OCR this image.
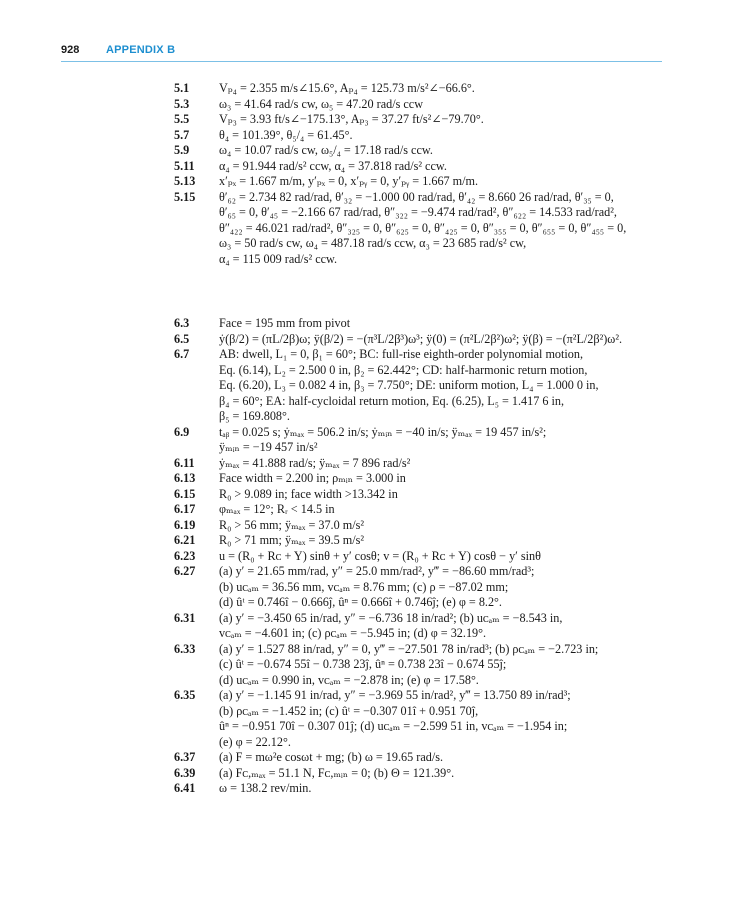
928 APPENDIX B
5.1	Vₚ₄ = 2.355 m/s∠15.6°, Aₚ₄ = 125.73 m/s²∠−66.6°.
5.3	ω₃ = 41.64 rad/s cw, ω₅ = 47.20 rad/s ccw
5.5	Vₚ₃ = 3.93 ft/s∠−175.13°, Aₚ₃ = 37.27 ft/s²∠−79.70°.
5.7	θ₄ = 101.39°, θ₅/₄ = 61.45°.
5.9	ω₄ = 10.07 rad/s cw, ω₅/₄ = 17.18 rad/s ccw.
5.11	α₄ = 91.944 rad/s² ccw, α₄ = 37.818 rad/s² ccw.
5.13	x′ₚₓ = 1.667 m/m, y′ₚₓ = 0, x′ₚᵧ = 0, y′ₚᵧ = 1.667 m/m.
5.15	θ′₆₂ = 2.734 82 rad/rad, θ′₃₂ = −1.000 00 rad/rad, θ′₄₂ = 8.660 26 rad/rad, θ′₃₅ = 0,
θ′₆₅ = 0, θ′₄₅ = −2.166 67 rad/rad, θ″₃₂₂ = −9.474 rad/rad², θ″₆₂₂ = 14.533 rad/rad²,
θ″₄₂₂ = 46.021 rad/rad², θ″₃₂₅ = 0, θ″₆₂₅ = 0, θ″₄₂₅ = 0, θ″₃₅₅ = 0, θ″₆₅₅ = 0, θ″₄₅₅ = 0,
ω₃ = 50 rad/s cw, ω₄ = 487.18 rad/s ccw, α₃ = 23 685 rad/s² cw,
α₄ = 115 009 rad/s² ccw.
6.3	Face = 195 mm from pivot
6.5	ẏ(β/2) = (πL/2β)ω; ÿ(β/2) = −(π³L/2β³)ω³; ÿ(0) = (π²L/2β²)ω²; ÿ(β) = −(π²L/2β²)ω².
6.7	AB: dwell, L₁ = 0, β₁ = 60°; BC: full-rise eighth-order polynomial motion,
Eq. (6.14), L₂ = 2.500 0 in, β₂ = 62.442°; CD: half-harmonic return motion,
Eq. (6.20), L₃ = 0.082 4 in, β₃ = 7.750°; DE: uniform motion, L₄ = 1.000 0 in,
β₄ = 60°; EA: half-cycloidal return motion, Eq. (6.25), L₅ = 1.417 6 in,
β₅ = 169.808°.
6.9	tₐᵦ = 0.025 s; ẏₘₐₓ = 506.2 in/s; ẏₘᵢₙ = −40 in/s; ÿₘₐₓ = 19 457 in/s²;
ÿₘᵢₙ = −19 457 in/s²
6.11	ẏₘₐₓ = 41.888 rad/s; ÿₘₐₓ = 7 896 rad/s²
6.13	Face width = 2.200 in; ρₘᵢₙ = 3.000 in
6.15	R₀ > 9.089 in; face width >13.342 in
6.17	φₘₐₓ = 12°; Rᵣ < 14.5 in
6.19	R₀ > 56 mm; ÿₘₐₓ = 37.0 m/s²
6.21	R₀ > 71 mm; ÿₘₐₓ = 39.5 m/s²
6.23	u = (R₀ + Rᴄ + Y) sinθ + y′ cosθ; v = (R₀ + Rᴄ + Y) cosθ − y′ sinθ
6.27	(a) y′ = 21.65 mm/rad, y″ = 25.0 mm/rad², y‴ = −86.60 mm/rad³;
(b) uᴄₐₘ = 36.56 mm, vᴄₐₘ = 8.76 mm; (c) ρ = −87.02 mm;
(d) ûᵗ = 0.746î − 0.666ĵ, ûⁿ = 0.666î + 0.746ĵ; (e) φ = 8.2°.
6.31	(a) y′ = −3.450 65 in/rad, y″ = −6.736 18 in/rad²; (b) uᴄₐₘ = −8.543 in,
vᴄₐₘ = −4.601 in; (c) ρᴄₐₘ = −5.945 in; (d) φ = 32.19°.
6.33	(a) y′ = 1.527 88 in/rad, y″ = 0, y‴ = −27.501 78 in/rad³; (b) ρᴄₐₘ = −2.723 in;
(c) ûᵗ = −0.674 55î − 0.738 23ĵ, ûⁿ = 0.738 23î − 0.674 55ĵ;
(d) uᴄₐₘ = 0.990 in, vᴄₐₘ = −2.878 in; (e) φ = 17.58°.
6.35	(a) y′ = −1.145 91 in/rad, y″ = −3.969 55 in/rad², y‴ = 13.750 89 in/rad³;
(b) ρᴄₐₘ = −1.452 in; (c) ûᵗ = −0.307 01î + 0.951 70ĵ,
ûⁿ = −0.951 70î − 0.307 01ĵ; (d) uᴄₐₘ = −2.599 51 in, vᴄₐₘ = −1.954 in;
(e) φ = 22.12°.
6.37	(a) F = mω²e cosωt + mg; (b) ω = 19.65 rad/s.
6.39	(a) Fᴄ,ₘₐₓ = 51.1 N, Fᴄ,ₘᵢₙ = 0; (b) Θ = 121.39°.
6.41	ω = 138.2 rev/min.
